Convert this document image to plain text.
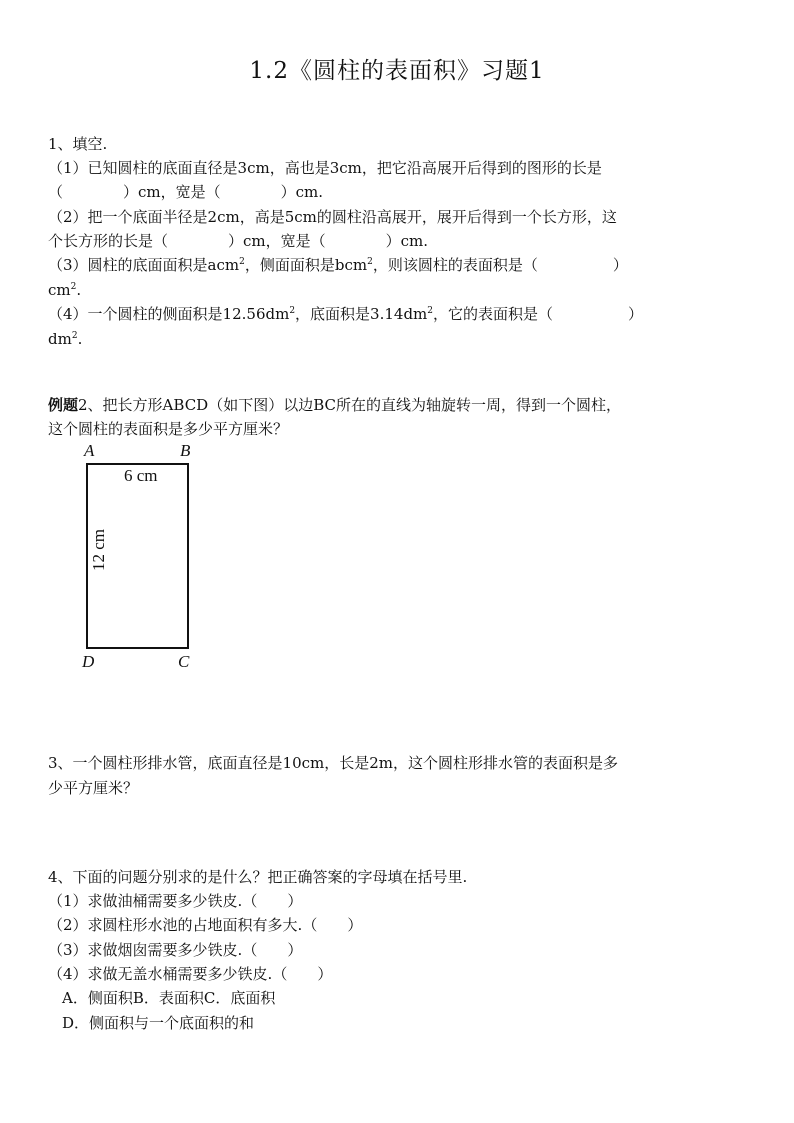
1.2《圆柱的表面积》习题1
1、填空.
（1）已知圆柱的底面直径是3cm，高也是3cm，把它沿高展开后得到的图形的长是
（　　　　）cm，宽是（　　　　）cm.
（2）把一个底面半径是2cm，高是5cm的圆柱沿高展开，展开后得到一个长方形，这
个长方形的长是（　　　　）cm，宽是（　　　　）cm.
（3）圆柱的底面面积是acm$^2$，侧面面积是bcm$^2$，则该圆柱的表面积是（　　　　　）
$cm^2$.
（4）一个圆柱的侧面积是$12.56dm^2$，底面积是$3.14dm^2$，它的表面积是（　　　　　）
$dm^2$.
例题2、把长方形ABCD（如下图）以边BC所在的直线为轴旋转一周，得到一个圆柱，
这个圆柱的表面积是多少平方厘米？
A	B
D	C
6 cm
12 cm
3、一个圆柱形排水管，底面直径是10cm，长是2m，这个圆柱形排水管的表面积是多
少平方厘米？
4、下面的问题分别求的是什么？把正确答案的字母填在括号里.
（1）求做油桶需要多少铁皮.（　　）
（2）求圆柱形水池的占地面积有多大.（　　）
（3）求做烟囱需要多少铁皮.（　　）
（4）求做无盖水桶需要多少铁皮.（　　）
A．侧面积B．表面积C．底面积
D．侧面积与一个底面积的和
